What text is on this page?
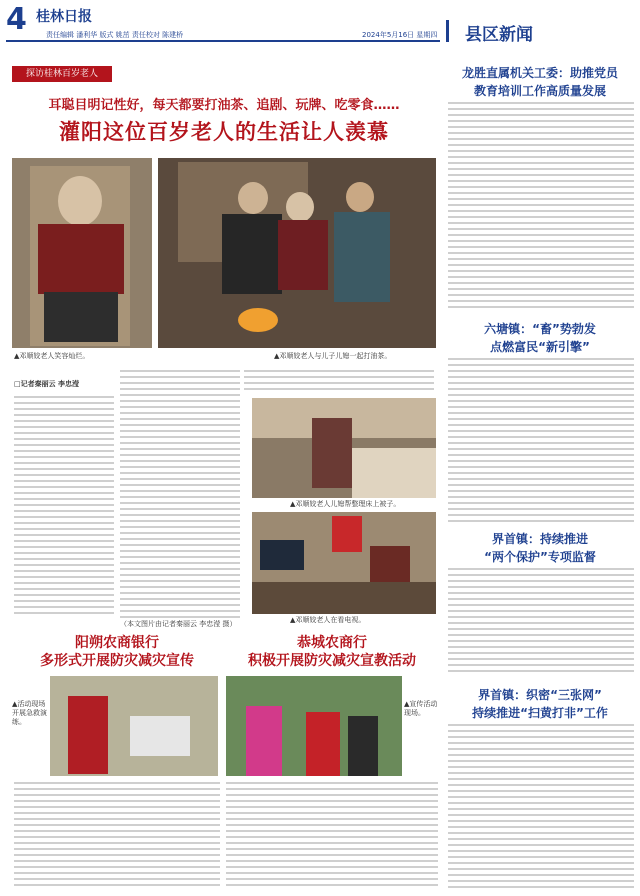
4 桂林日报
责任编辑 潘利华 版式 姚茁 责任校对 陈建桥	2024年5月16日 星期四 县区新闻
探访桂林百岁老人
耳聪目明记性好，每天都要打油茶、追剧、玩牌、吃零食……
灌阳这位百岁老人的生活让人羡慕
▲邓顺姣老人笑容灿烂。	▲邓顺姣老人与儿子儿媳一起打油茶。
□记者秦丽云 李忠滢
▲邓顺姣老人儿媳帮整理床上被子。
▲邓顺姣老人在看电视。
（本文图片由记者秦丽云 李忠滢 摄）
阳朔农商银行
多形式开展防灾减灾宣传
▲活动现场开展急救演练。
恭城农商行
积极开展防灾减灾宣教活动
▲宣传活动现场。
龙胜直属机关工委：助推党员
教育培训工作高质量发展
六塘镇：“畜”势勃发
点燃富民“新引擎”
界首镇：持续推进
“两个保护”专项监督
界首镇：织密“三张网”
持续推进“扫黄打非”工作
